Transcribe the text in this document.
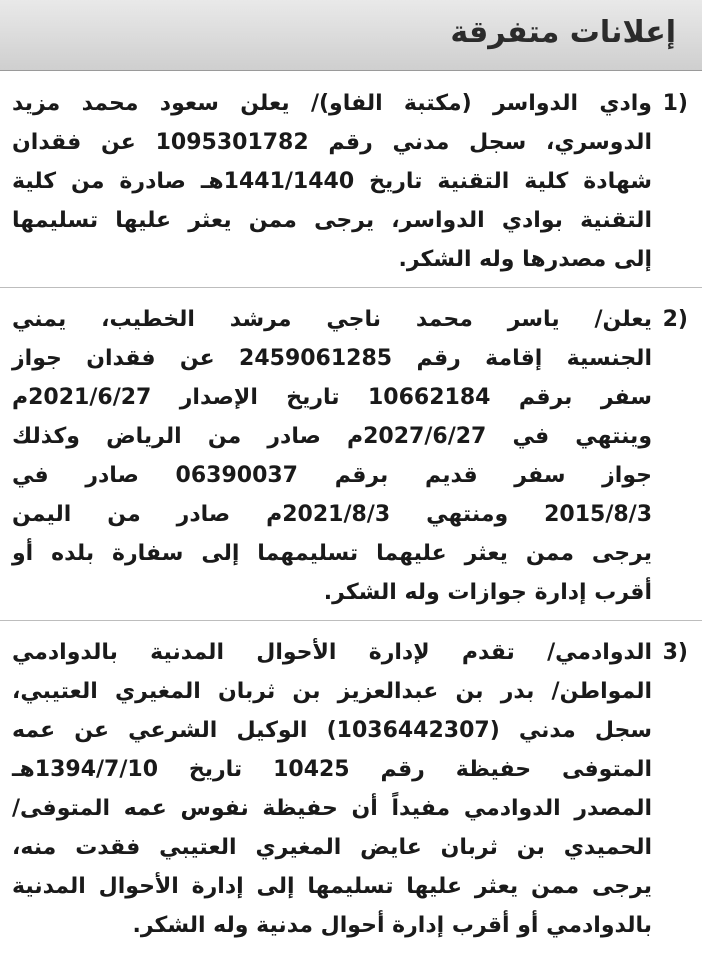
إعلانات متفرقة
1)
وادي الدواسر (مكتبة الفاو)/ يعلن سعود محمد مزيد
الدوسري، سجل مدني رقم 1095301782 عن فقدان
شهادة كلية التقنية تاريخ 1441/1440هـ صادرة من كلية
التقنية بوادي الدواسر، يرجى ممن يعثر عليها تسليمها
إلى مصدرها وله الشكر.
2)
يعلن/ ياسر محمد ناجي مرشد الخطيب، يمني
الجنسية إقامة رقم 2459061285 عن فقدان جواز
سفر برقم 10662184 تاريخ الإصدار 2021/6/27م
وينتهي في 2027/6/27م صادر من الرياض وكذلك
جواز سفر قديم برقم 06390037 صادر في
2015/8/3 ومنتهي 2021/8/3م صادر من اليمن
يرجى ممن يعثر عليهما تسليمهما إلى سفارة بلده أو
أقرب إدارة جوازات وله الشكر.
3)
الدوادمي/ تقدم لإدارة الأحوال المدنية بالدوادمي
المواطن/ بدر بن عبدالعزيز بن ثربان المغيري العتيبي،
سجل مدني (1036442307) الوكيل الشرعي عن عمه
المتوفى حفيظة رقم 10425 تاريخ 1394/7/10هـ
المصدر الدوادمي مفيداً أن حفيظة نفوس عمه المتوفى/
الحميدي بن ثربان عايض المغيري العتيبي فقدت منه،
يرجى ممن يعثر عليها تسليمها إلى إدارة الأحوال المدنية
بالدوادمي أو أقرب إدارة أحوال مدنية وله الشكر.
